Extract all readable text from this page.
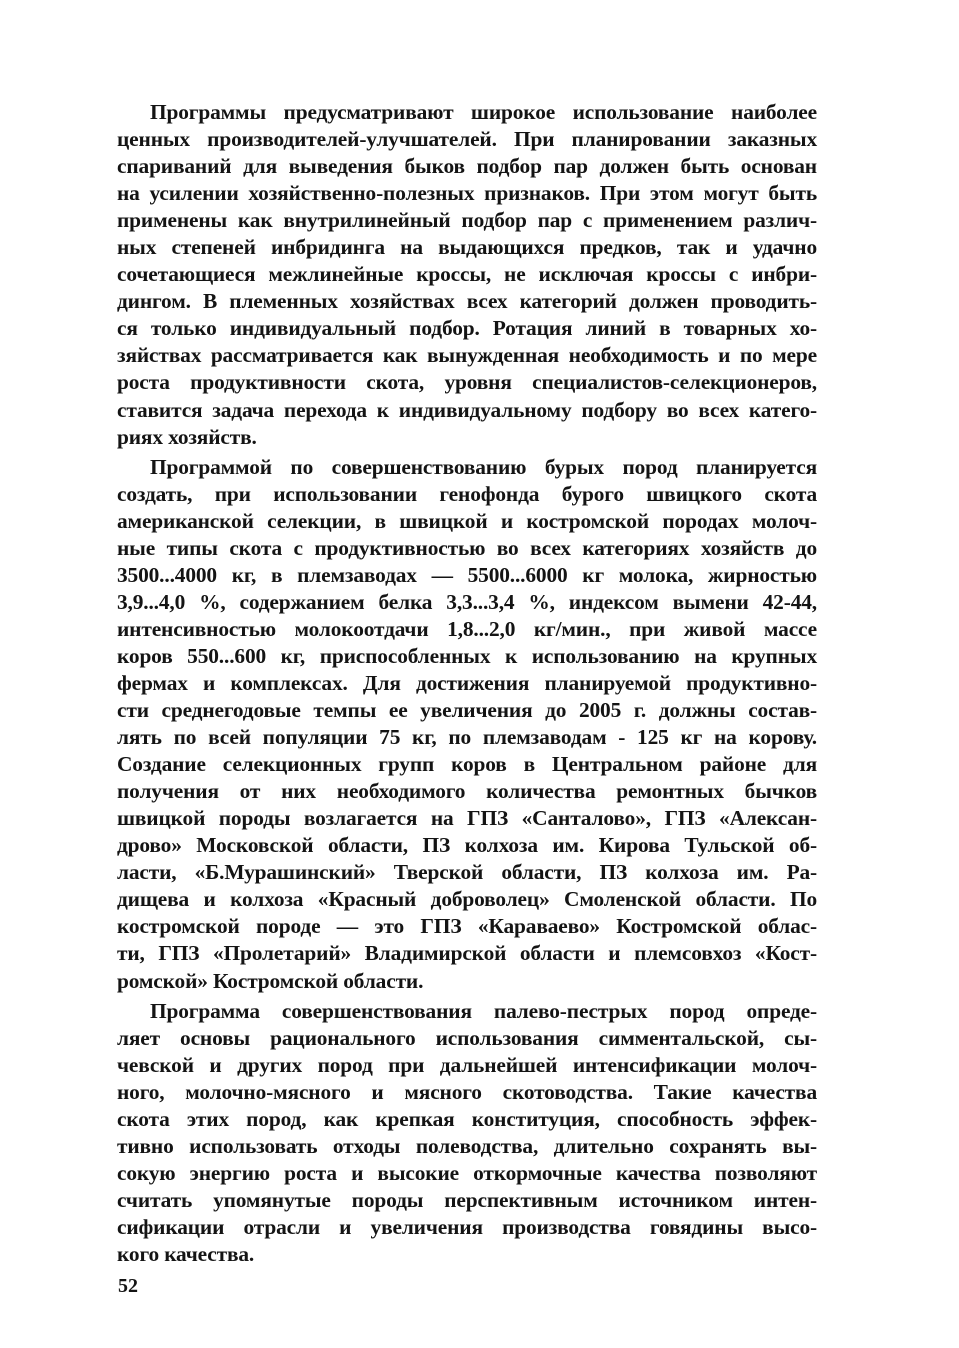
Программы предусматривают широкое использование наиболее
ценных производителей-улучшателей. При планировании заказных
спариваний для выведения быков подбор пар должен быть основан
на усилении хозяйственно-полезных признаков. При этом могут быть
применены как внутрилинейный подбор пар с применением различ-
ных степеней инбридинга на выдающихся предков, так и удачно
сочетающиеся межлинейные кроссы, не исключая кроссы с инбри-
дингом. В племенных хозяйствах всех категорий должен проводить-
ся только индивидуальный подбор. Ротация линий в товарных хо-
зяйствах рассматривается как вынужденная необходимость и по мере
роста продуктивности скота, уровня специалистов-селекционеров,
ставится задача перехода к индивидуальному подбору во всех катего-
риях хозяйств.
Программой по совершенствованию бурых пород планируется
создать, при использовании генофонда бурого швицкого скота
американской селекции, в швицкой и костромской породах молоч-
ные типы скота с продуктивностью во всех категориях хозяйств до
3500...4000 кг, в племзаводах — 5500...6000 кг молока, жирностью
3,9...4,0 %, содержанием белка 3,3...3,4 %, индексом вымени 42-44,
интенсивностью молокоотдачи 1,8...2,0 кг/мин., при живой массе
коров 550...600 кг, приспособленных к использованию на крупных
фермах и комплексах. Для достижения планируемой продуктивно-
сти среднегодовые темпы ее увеличения до 2005 г. должны состав-
лять по всей популяции 75 кг, по племзаводам - 125 кг на корову.
Создание селекционных групп коров в Центральном районе для
получения от них необходимого количества ремонтных бычков
швицкой породы возлагается на ГПЗ «Санталово», ГПЗ «Алексан-
дрово» Московской области, ПЗ колхоза им. Кирова Тульской об-
ласти, «Б.Мурашинский» Тверской области, ПЗ колхоза им. Ра-
дищева и колхоза «Красный доброволец» Смоленской области. По
костромской породе — это ГПЗ «Караваево» Костромской облас-
ти, ГПЗ «Пролетарий» Владимирской области и племсовхоз «Кост-
ромской» Костромской области.
Программа совершенствования палево-пестрых пород опреде-
ляет основы рационального использования симментальской, сы-
чевской и других пород при дальнейшей интенсификации молоч-
ного, молочно-мясного и мясного скотоводства. Такие качества
скота этих пород, как крепкая конституция, способность эффек-
тивно использовать отходы полеводства, длительно сохранять вы-
сокую энергию роста и высокие откормочные качества позволяют
считать упомянутые породы перспективным источником интен-
сификации отрасли и увеличения производства говядины высо-
кого качества.
52
